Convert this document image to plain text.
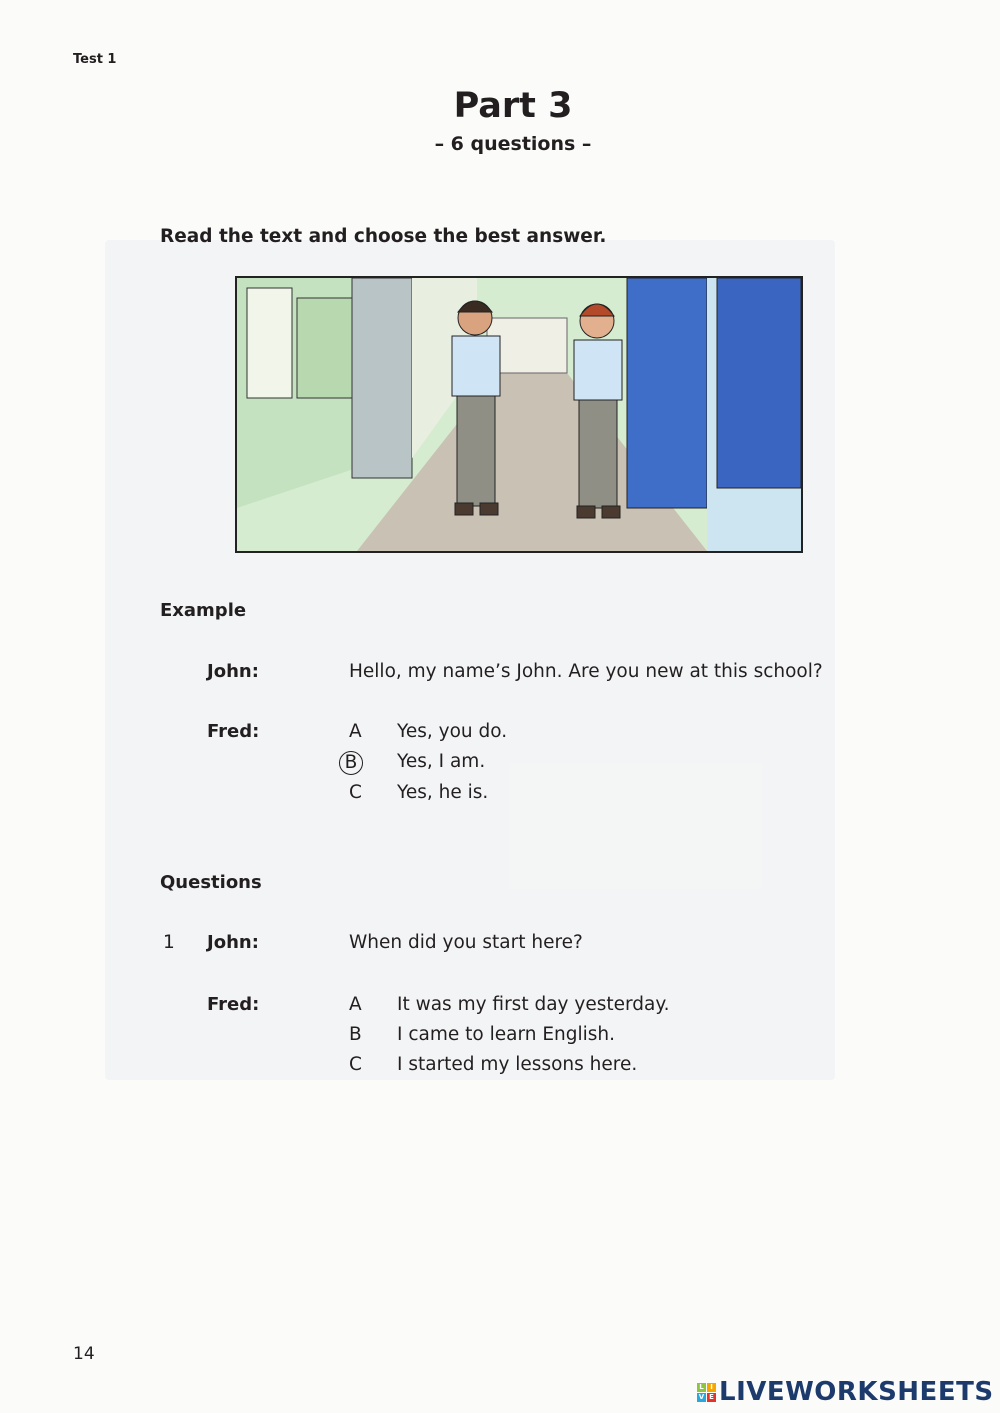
Test 1
Part 3
– 6 questions –
Read the text and choose the best answer.
Example
John:	Hello, my name’s John. Are you new at this school?
Fred:	A Yes, you do.
B	Yes, I am.
C Yes, he is.
Questions
1 John:	When did you start here?
Fred:	A It was my first day yesterday.
B I came to learn English.
C I started my lessons here.
14
L I
V E LIVEWORKSHEETS
